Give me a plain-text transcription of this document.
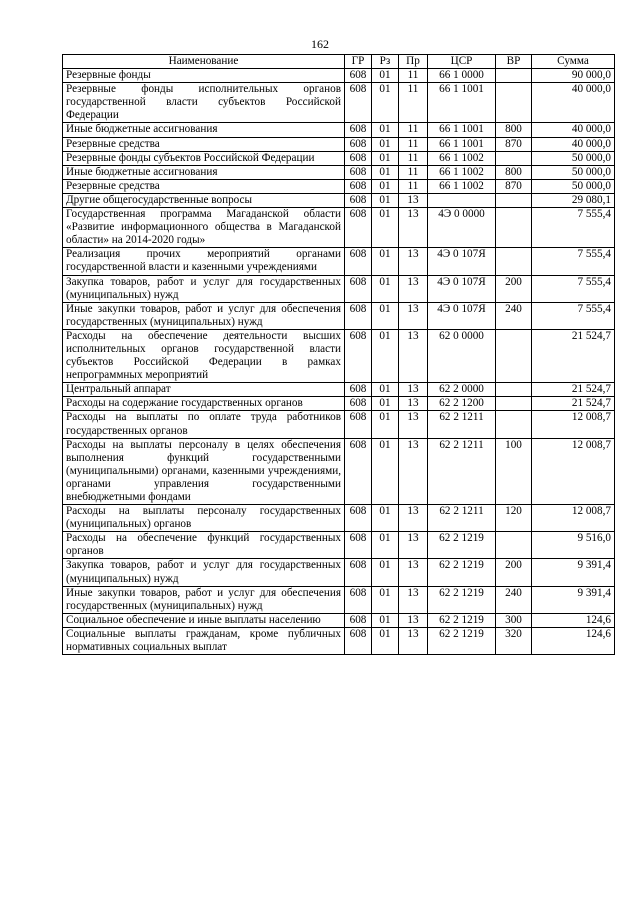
162
Наименование	ГР	Рз	Пр	ЦСР	ВР	Сумма
Резервные фонды	608	01	11	66 1 0000		90 000,0
Резервные фонды исполнительных органов государственной власти субъектов Российской Федерации	608	01	11	66 1 1001		40 000,0
Иные бюджетные ассигнования	608	01	11	66 1 1001	800	40 000,0
Резервные средства	608	01	11	66 1 1001	870	40 000,0
Резервные фонды субъектов Российской Федерации	608	01	11	66 1 1002		50 000,0
Иные бюджетные ассигнования	608	01	11	66 1 1002	800	50 000,0
Резервные средства	608	01	11	66 1 1002	870	50 000,0
Другие общегосударственные вопросы	608	01	13			29 080,1
Государственная программа Магаданской области «Развитие информационного общества в Магаданской области» на 2014-2020 годы»	608	01	13	4Э 0 0000		7 555,4
Реализация прочих мероприятий органами государственной власти и казенными учреждениями	608	01	13	4Э 0 107Я		7 555,4
Закупка товаров, работ и услуг для государственных (муниципальных) нужд	608	01	13	4Э 0 107Я	200	7 555,4
Иные закупки товаров, работ и услуг для обеспечения государственных (муниципальных) нужд	608	01	13	4Э 0 107Я	240	7 555,4
Расходы на обеспечение деятельности высших исполнительных органов государственной власти субъектов Российской Федерации в рамках непрограммных мероприятий	608	01	13	62 0 0000		21 524,7
Центральный аппарат	608	01	13	62 2 0000		21 524,7
Расходы на содержание государственных органов	608	01	13	62 2 1200		21 524,7
Расходы на выплаты по оплате труда работников государственных органов	608	01	13	62 2 1211		12 008,7
Расходы на выплаты персоналу в целях обеспечения выполнения функций государственными (муниципальными) органами, казенными учреждениями, органами управления государственными внебюджетными фондами	608	01	13	62 2 1211	100	12 008,7
Расходы на выплаты персоналу государственных (муниципальных) органов	608	01	13	62 2 1211	120	12 008,7
Расходы на обеспечение функций государственных органов	608	01	13	62 2 1219		9 516,0
Закупка товаров, работ и услуг для государственных (муниципальных) нужд	608	01	13	62 2 1219	200	9 391,4
Иные закупки товаров, работ и услуг для обеспечения государственных (муниципальных) нужд	608	01	13	62 2 1219	240	9 391,4
Социальное обеспечение и иные выплаты населению	608	01	13	62 2 1219	300	124,6
Социальные выплаты гражданам, кроме публичных нормативных социальных выплат	608	01	13	62 2 1219	320	124,6
